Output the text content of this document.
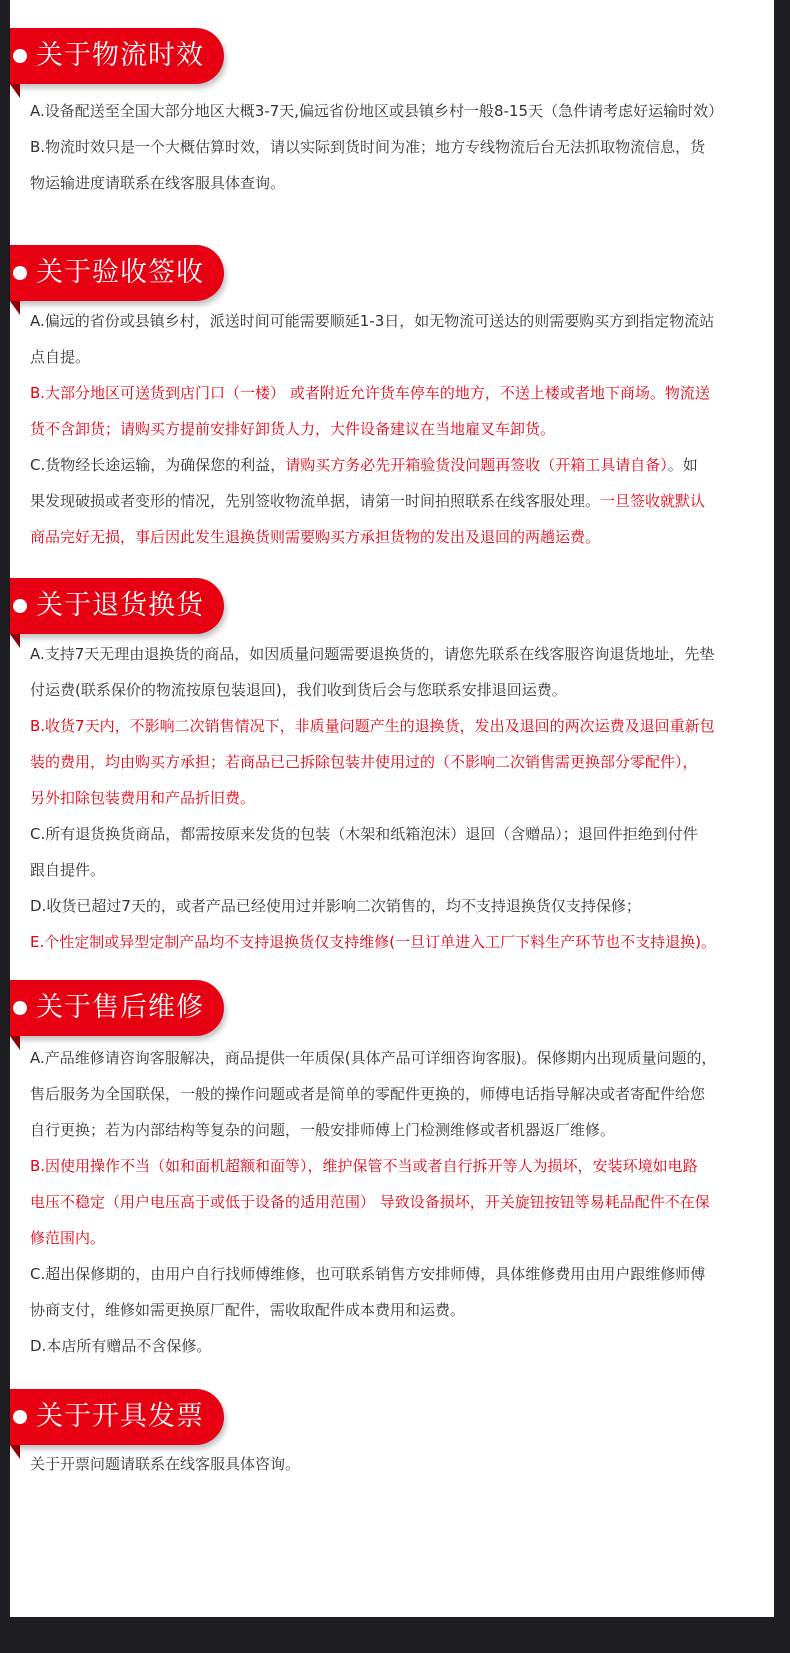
关于物流时效
A.设备配送至全国大部分地区大概3-7天,偏远省份地区或县镇乡村一般8-15天（急件请考虑好运输时效）
B.物流时效只是一个大概估算时效，请以实际到货时间为准；地方专线物流后台无法抓取物流信息，货
物运输进度请联系在线客服具体查询。
关于验收签收
A.偏远的省份或县镇乡村，派送时间可能需要顺延1-3日，如无物流可送达的则需要购买方到指定物流站
点自提。
B.大部分地区可送货到店门口（一楼） 或者附近允许货车停车的地方，不送上楼或者地下商场。物流送
货不含卸货；请购买方提前安排好卸货人力，大件设备建议在当地雇叉车卸货。
C.货物经长途运输，为确保您的利益，请购买方务必先开箱验货没问题再签收（开箱工具请自备）。如
果发现破损或者变形的情况，先别签收物流单据，请第一时间拍照联系在线客服处理。一旦签收就默认
商品完好无损，事后因此发生退换货则需要购买方承担货物的发出及退回的两趟运费。
关于退货换货
A.支持7天无理由退换货的商品，如因质量问题需要退换货的，请您先联系在线客服咨询退货地址，先垫
付运费(联系保价的物流按原包装退回)，我们收到货后会与您联系安排退回运费。
B.收货7天内，不影响二次销售情况下，非质量问题产生的退换货，发出及退回的两次运费及退回重新包
装的费用，均由购买方承担；若商品已己拆除包装井使用过的（不影响二次销售需更换部分零配件），
另外扣除包装费用和产品折旧费。
C.所有退货换货商品，都需按原来发货的包装（木架和纸箱泡沫）退回（含赠品）；退回件拒绝到付件
跟自提件。
D.收货已超过7天的，或者产品已经使用过并影响二次销售的，均不支持退换货仅支持保修；
E.个性定制或异型定制产品均不支持退换货仅支持维修(一旦订单进入工厂下料生产环节也不支持退换)。
关于售后维修
A.产品维修请咨询客服解决，商品提供一年质保(具体产品可详细咨询客服)。保修期内出现质量问题的，
售后服务为全国联保，一般的操作问题或者是简单的零配件更换的，师傅电话指导解决或者寄配件给您
自行更换；若为内部结构等复杂的问题，一般安排师傅上门检测维修或者机器返厂维修。
B.因使用操作不当（如和面机超额和面等），维护保管不当或者自行拆开等人为损坏，安装环境如电路
电压不稳定（用户电压高于或低于设备的适用范围） 导致设备损坏，开关旋钮按钮等易耗品配件不在保
修范围内。
C.超出保修期的，由用户自行找师傅维修，也可联系销售方安排师傅，具体维修费用由用户跟维修师傅
协商支付，维修如需更换原厂配件，需收取配件成本费用和运费。
D.本店所有赠品不含保修。
关于开具发票
关于开票问题请联系在线客服具体咨询。
